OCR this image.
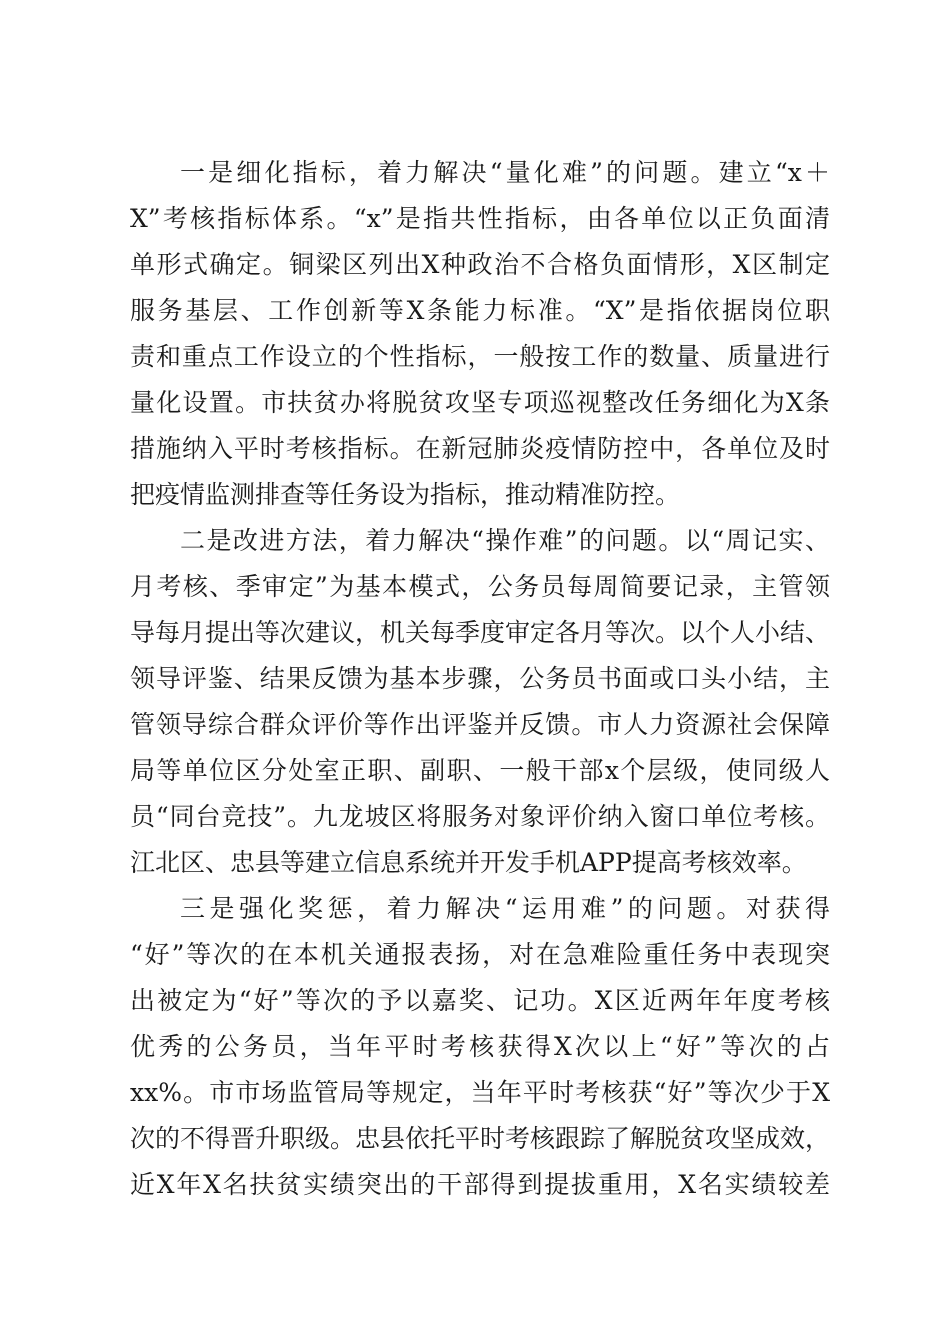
一是细化指标，着力解决“量化难”的问题。建立“x＋
X”考核指标体系。“x”是指共性指标，由各单位以正负面清
单形式确定。铜梁区列出X种政治不合格负面情形，X区制定
服务基层、工作创新等X条能力标准。“X”是指依据岗位职
责和重点工作设立的个性指标，一般按工作的数量、质量进行
量化设置。市扶贫办将脱贫攻坚专项巡视整改任务细化为X条
措施纳入平时考核指标。在新冠肺炎疫情防控中，各单位及时
把疫情监测排查等任务设为指标，推动精准防控。
二是改进方法，着力解决“操作难”的问题。以“周记实、
月考核、季审定”为基本模式，公务员每周简要记录，主管领
导每月提出等次建议，机关每季度审定各月等次。以个人小结、
领导评鉴、结果反馈为基本步骤，公务员书面或口头小结，主
管领导综合群众评价等作出评鉴并反馈。市人力资源社会保障
局等单位区分处室正职、副职、一般干部x个层级，使同级人
员“同台竞技”。九龙坡区将服务对象评价纳入窗口单位考核。
江北区、忠县等建立信息系统并开发手机APP提高考核效率。
三是强化奖惩，着力解决“运用难”的问题。对获得
“好”等次的在本机关通报表扬，对在急难险重任务中表现突
出被定为“好”等次的予以嘉奖、记功。X区近两年年度考核
优秀的公务员，当年平时考核获得X次以上“好”等次的占
xx%。市市场监管局等规定，当年平时考核获“好”等次少于X
次的不得晋升职级。忠县依托平时考核跟踪了解脱贫攻坚成效，
近X年X名扶贫实绩突出的干部得到提拔重用，X名实绩较差
